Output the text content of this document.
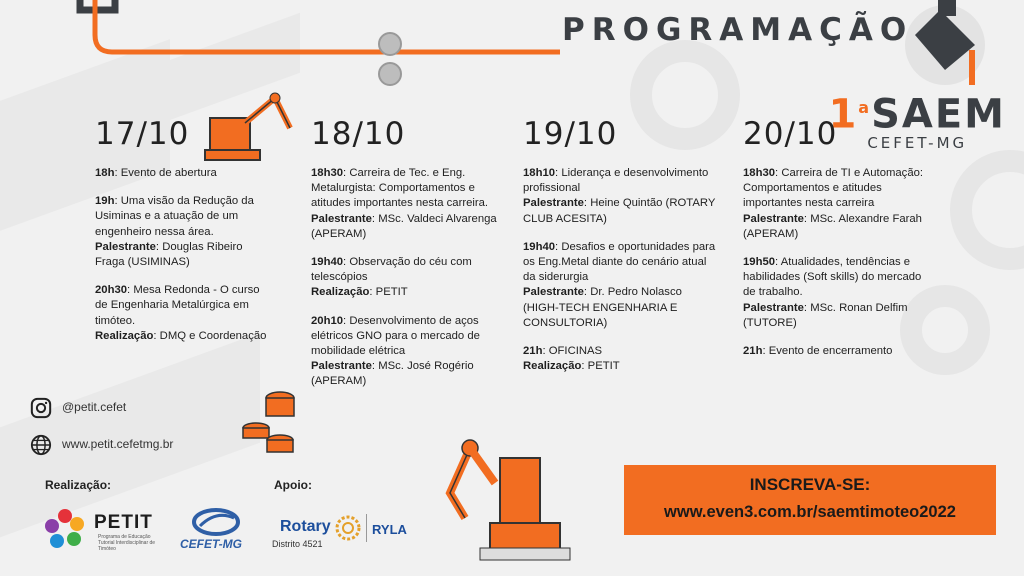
PROGRAMAÇÃO
1$^a$SAEM
CEFET-MG
17/10

18h: Evento de abertura

19h: Uma visão da Redução da Usiminas e a atuação de um engenheiro nessa área.
Palestrante: Douglas Ribeiro Fraga (USIMINAS)

20h30: Mesa Redonda - O curso de Engenharia Metalúrgica em timóteo.
Realização: DMQ e Coordenação

18/10

18h30: Carreira de Tec. e Eng. Metalurgista: Comportamentos e atitudes importantes nesta carreira.
Palestrante: MSc. Valdeci Alvarenga (APERAM)

19h40: Observação do céu com telescópios
Realização: PETIT

20h10: Desenvolvimento de aços elétricos GNO para o mercado de mobilidade elétrica
Palestrante: MSc. José Rogério (APERAM)

19/10

18h10: Liderança e desenvolvimento profissional
Palestrante: Heine Quintão (ROTARY CLUB ACESITA)

19h40: Desafios e oportunidades para os Eng.Metal diante do cenário atual da siderurgia
Palestrante: Dr. Pedro Nolasco (HIGH-TECH ENGENHARIA E CONSULTORIA)

21h: OFICINAS
Realização: PETIT

20/10

18h30: Carreira de TI e Automação: Comportamentos e atitudes importantes nesta carreira
Palestrante: MSc. Alexandre Farah (APERAM)

19h50: Atualidades, tendências e habilidades (Soft skills) do mercado de trabalho.
Palestrante: MSc. Ronan Delfim (TUTORE)

21h: Evento de encerramento

@petit.cefet
www.petit.cefetmg.br
INSCREVA-SE:
www.even3.com.br/saemtimoteo2022
Realização:	Apoio:
PETIT
Programa de Educação Tutorial Interdisciplinar de Timóteo	CEFET-MG
Rotary
Distrito 4521
RYLA
